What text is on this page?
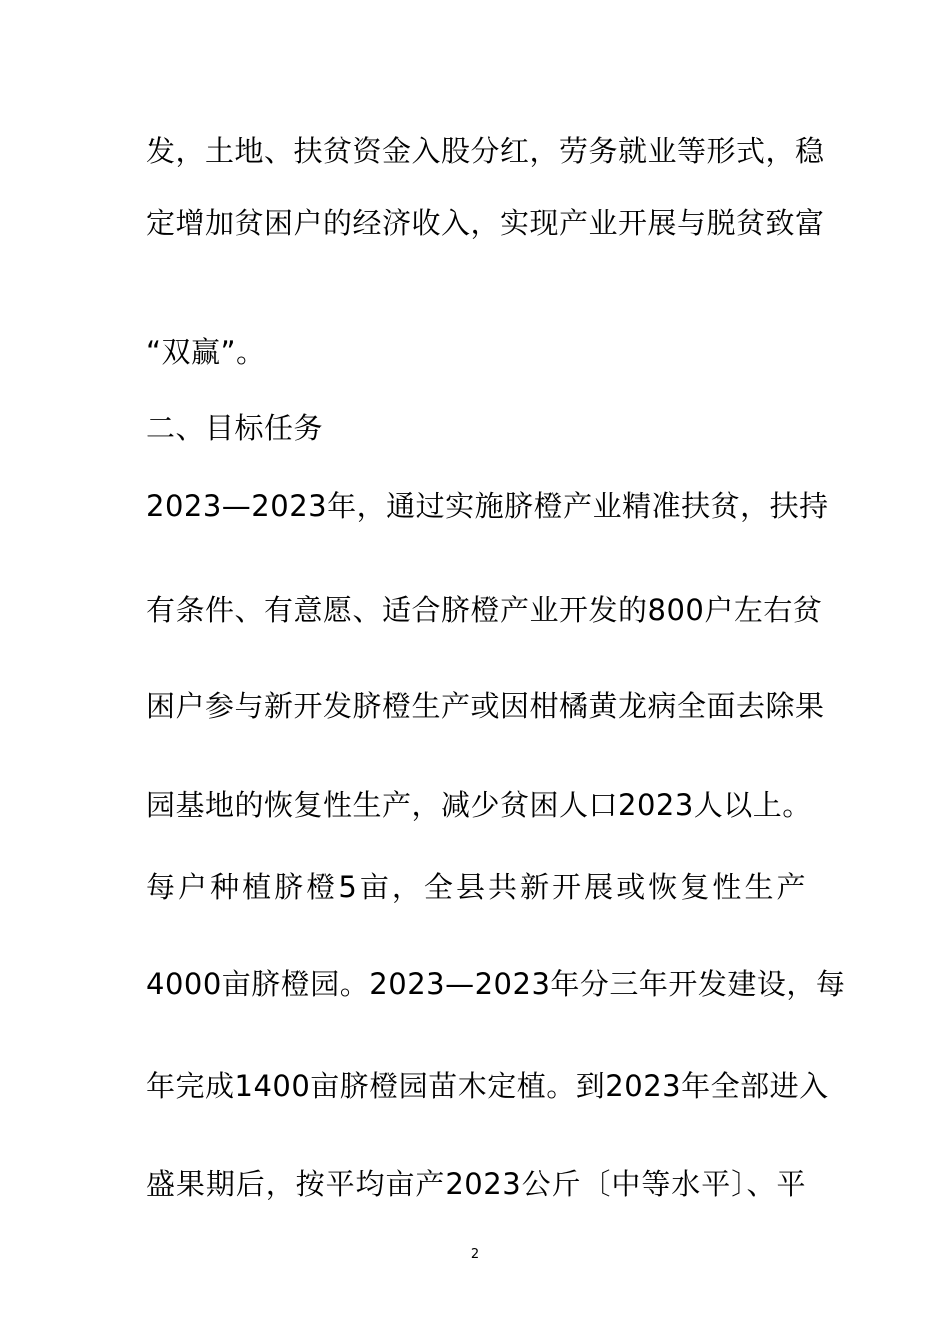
发，土地、扶贫资金入股分红，劳务就业等形式，稳
定增加贫困户的经济收入，实现产业开展与脱贫致富
“双赢”。
二、目标任务
2023—2023年，通过实施脐橙产业精准扶贫，扶持
有条件、有意愿、适合脐橙产业开发的800户左右贫
困户参与新开发脐橙生产或因柑橘黄龙病全面去除果
园基地的恢复性生产，减少贫困人口2023人以上。
每户种植脐橙5亩，全县共新开展或恢复性生产
4000亩脐橙园。2023—2023年分三年开发建设，每
年完成1400亩脐橙园苗木定植。到2023年全部进入
盛果期后，按平均亩产2023公斤〔中等水平〕、平
2
